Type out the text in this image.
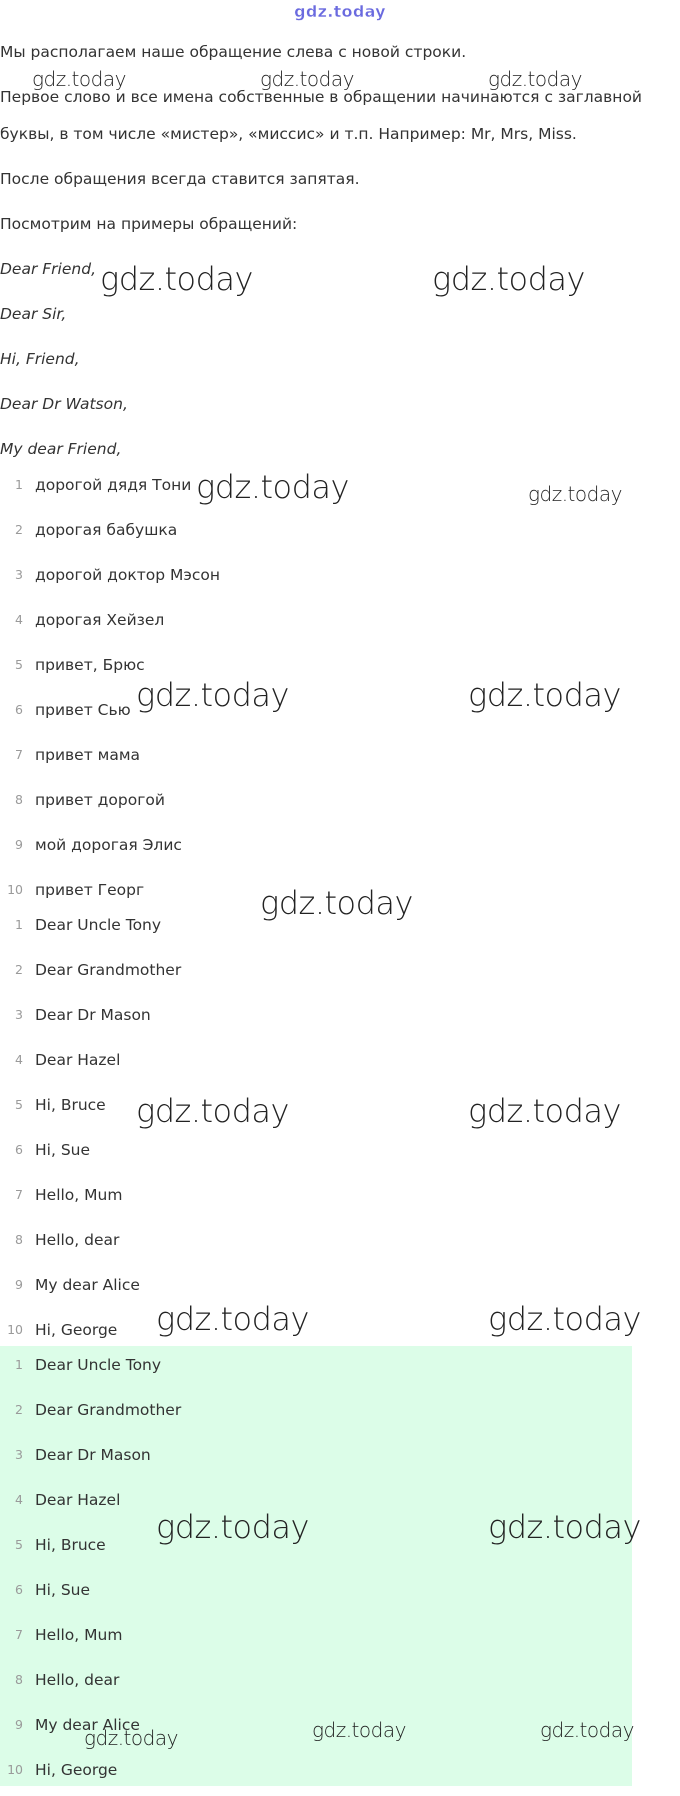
gdz.today

Мы располагаем наше обращение слева с новой строки.

Первое слово и все имена собственные в обращении начинаются с заглавной

буквы, в том числе «мистер», «миссис» и т.п. Например: Mr, Mrs, Miss.

После обращения всегда ставится запятая.

Посмотрим на примеры обращений:

Dear Friend,
Dear Sir,
Hi, Friend,
Dear Dr Watson,
My dear Friend,
1 дорогой дядя Тони
2 дорогая бабушка
3 дорогой доктор Мэсон
4 дорогая Хейзел
5 привет, Брюс
6 привет Сью
7 привет мама
8 привет дорогой
9 мой дорогая Элис
10 привет Георг
1 Dear Uncle Tony
2 Dear Grandmother
3 Dear Dr Mason
4 Dear Hazel
5 Hi, Bruce
6 Hi, Sue
7 Hello, Mum
8 Hello, dear
9 My dear Alice
10 Hi, George
1 Dear Uncle Tony
2 Dear Grandmother
3 Dear Dr Mason
4 Dear Hazel
5 Hi, Bruce
6 Hi, Sue
7 Hello, Mum
8 Hello, dear
9 My dear Alice
10 Hi, George
gdz.today	gdz.today	gdz.today
gdz.today	gdz.today
gdz.today	gdz.today
gdz.today	gdz.today
gdz.today
gdz.today	gdz.today
gdz.today	gdz.today
gdz.today	gdz.today
gdz.today	gdz.today	gdz.today
